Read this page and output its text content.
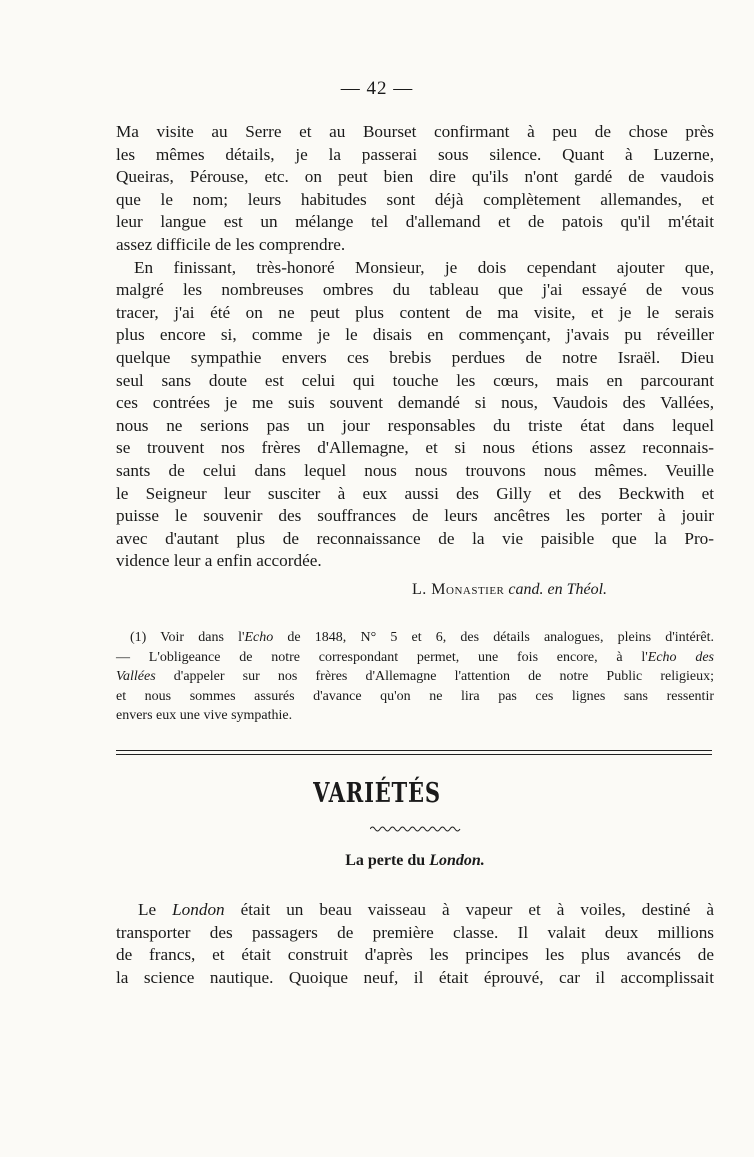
— 42 —
Ma visite au Serre et au Bourset confirmant à peu de chose près
les mêmes détails, je la passerai sous silence. Quant à Luzerne,
Queiras, Pérouse, etc. on peut bien dire qu'ils n'ont gardé de vaudois
que le nom; leurs habitudes sont déjà complètement allemandes, et
leur langue est un mélange tel d'allemand et de patois qu'il m'était
assez difficile de les comprendre.
En finissant, très-honoré Monsieur, je dois cependant ajouter que,
malgré les nombreuses ombres du tableau que j'ai essayé de vous
tracer, j'ai été on ne peut plus content de ma visite, et je le serais
plus encore si, comme je le disais en commençant, j'avais pu réveiller
quelque sympathie envers ces brebis perdues de notre Israël. Dieu
seul sans doute est celui qui touche les cœurs, mais en parcourant
ces contrées je me suis souvent demandé si nous, Vaudois des Vallées,
nous ne serions pas un jour responsables du triste état dans lequel
se trouvent nos frères d'Allemagne, et si nous étions assez reconnais-
sants de celui dans lequel nous nous trouvons nous mêmes. Veuille
le Seigneur leur susciter à eux aussi des Gilly et des Beckwith et
puisse le souvenir des souffrances de leurs ancêtres les porter à jouir
avec d'autant plus de reconnaissance de la vie paisible que la Pro-
vidence leur a enfin accordée.
L. Monastier cand. en Théol.
(1) Voir dans l'Echo de 1848, N° 5 et 6, des détails analogues, pleins d'intérêt.
— L'obligeance de notre correspondant permet, une fois encore, à l'Echo des
Vallées d'appeler sur nos frères d'Allemagne l'attention de notre Public religieux;
et nous sommes assurés d'avance qu'on ne lira pas ces lignes sans ressentir
envers eux une vive sympathie.
VARIÉTÉS
La perte du London.
Le London était un beau vaisseau à vapeur et à voiles, destiné à
transporter des passagers de première classe. Il valait deux millions
de francs, et était construit d'après les principes les plus avancés de
la science nautique. Quoique neuf, il était éprouvé, car il accomplissait
